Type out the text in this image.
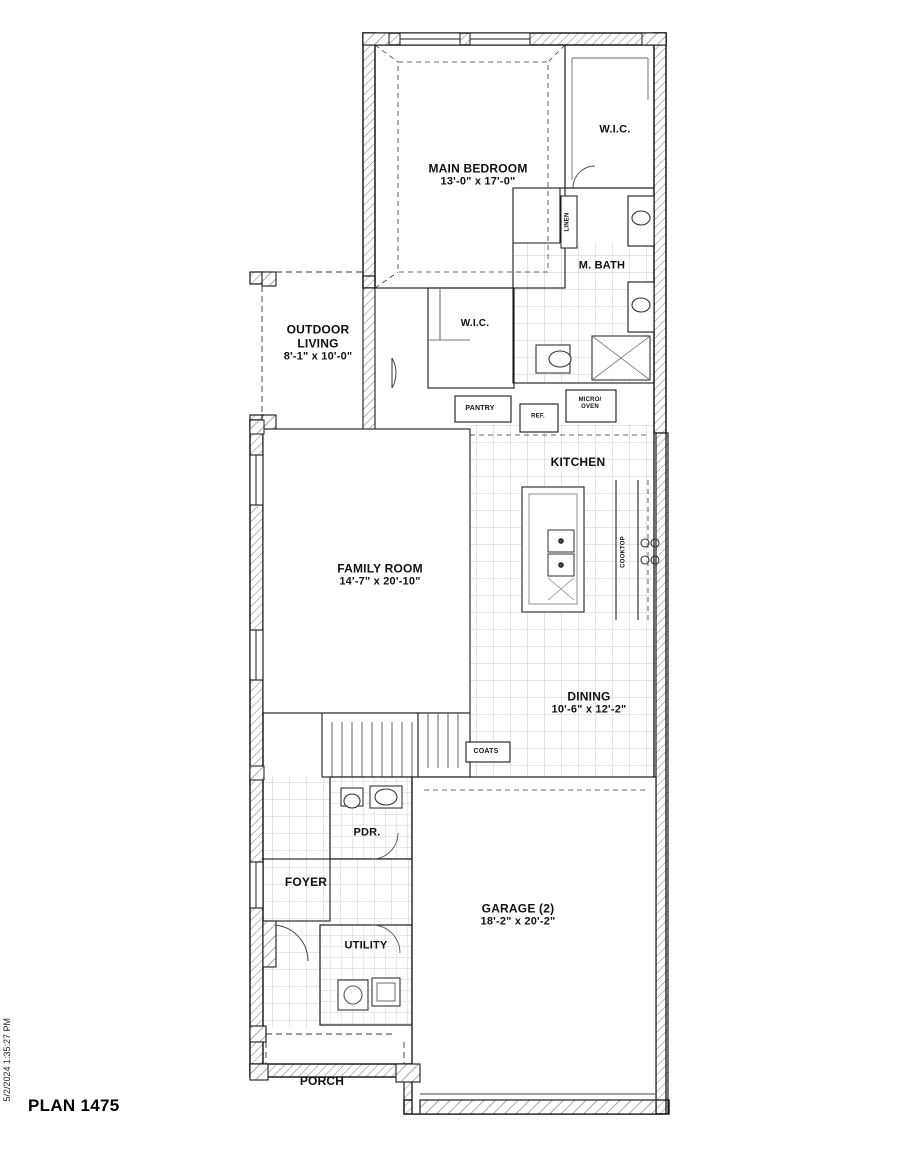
MAIN BEDROOM
13'-0" x 17'-0"
W.I.C.
M. BATH
LINEN
OUTDOOR
LIVING
8'-1" x 10'-0"
W.I.C.
PANTRY
REF.
MICRO/
OVEN
KITCHEN
COOKTOP
FAMILY ROOM
14'-7" x 20'-10"
DINING
10'-6" x 12'-2"
COATS
PDR.
FOYER
UTILITY
GARAGE (2)
18'-2" x 20'-2"
PORCH
PLAN 1475
5/2/2024 1:35:27 PM
